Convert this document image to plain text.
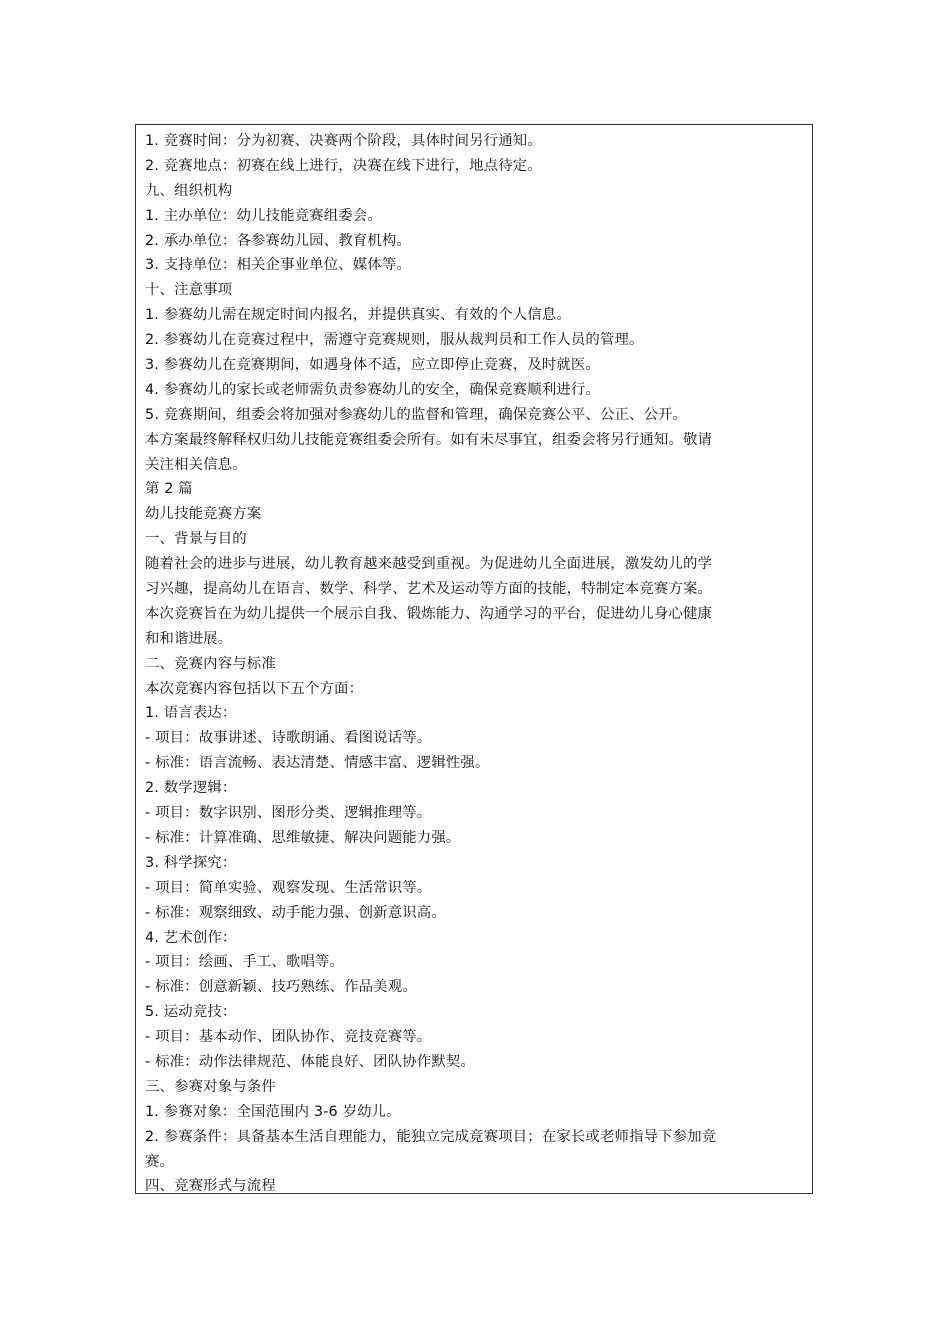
1. 竞赛时间：分为初赛、决赛两个阶段，具体时间另行通知。
2. 竞赛地点：初赛在线上进行，决赛在线下进行，地点待定。
九、组织机构
1. 主办单位：幼儿技能竞赛组委会。
2. 承办单位：各参赛幼儿园、教育机构。
3. 支持单位：相关企事业单位、媒体等。
十、注意事项
1. 参赛幼儿需在规定时间内报名，并提供真实、有效的个人信息。
2. 参赛幼儿在竞赛过程中，需遵守竞赛规则，服从裁判员和工作人员的管理。
3. 参赛幼儿在竞赛期间，如遇身体不适，应立即停止竞赛，及时就医。
4. 参赛幼儿的家长或老师需负责参赛幼儿的安全，确保竞赛顺利进行。
5. 竞赛期间，组委会将加强对参赛幼儿的监督和管理，确保竞赛公平、公正、公开。
本方案最终解释权归幼儿技能竞赛组委会所有。如有未尽事宜，组委会将另行通知。敬请
关注相关信息。
第 2 篇
幼儿技能竞赛方案
一、背景与目的
随着社会的进步与进展，幼儿教育越来越受到重视。为促进幼儿全面进展，激发幼儿的学
习兴趣，提高幼儿在语言、数学、科学、艺术及运动等方面的技能，特制定本竞赛方案。
本次竞赛旨在为幼儿提供一个展示自我、锻炼能力、沟通学习的平台，促进幼儿身心健康
和和谐进展。
二、竞赛内容与标准
本次竞赛内容包括以下五个方面：
1. 语言表达：
- 项目：故事讲述、诗歌朗诵、看图说话等。
- 标准：语言流畅、表达清楚、情感丰富、逻辑性强。
2. 数学逻辑：
- 项目：数字识别、图形分类、逻辑推理等。
- 标准：计算准确、思维敏捷、解决问题能力强。
3. 科学探究：
- 项目：简单实验、观察发现、生活常识等。
- 标准：观察细致、动手能力强、创新意识高。
4. 艺术创作：
- 项目：绘画、手工、歌唱等。
- 标准：创意新颖、技巧熟练、作品美观。
5. 运动竞技：
- 项目：基本动作、团队协作、竞技竞赛等。
- 标准：动作法律规范、体能良好、团队协作默契。
三、参赛对象与条件
1. 参赛对象：全国范围内 3-6 岁幼儿。
2. 参赛条件：具备基本生活自理能力，能独立完成竞赛项目；在家长或老师指导下参加竞
赛。
四、竞赛形式与流程
